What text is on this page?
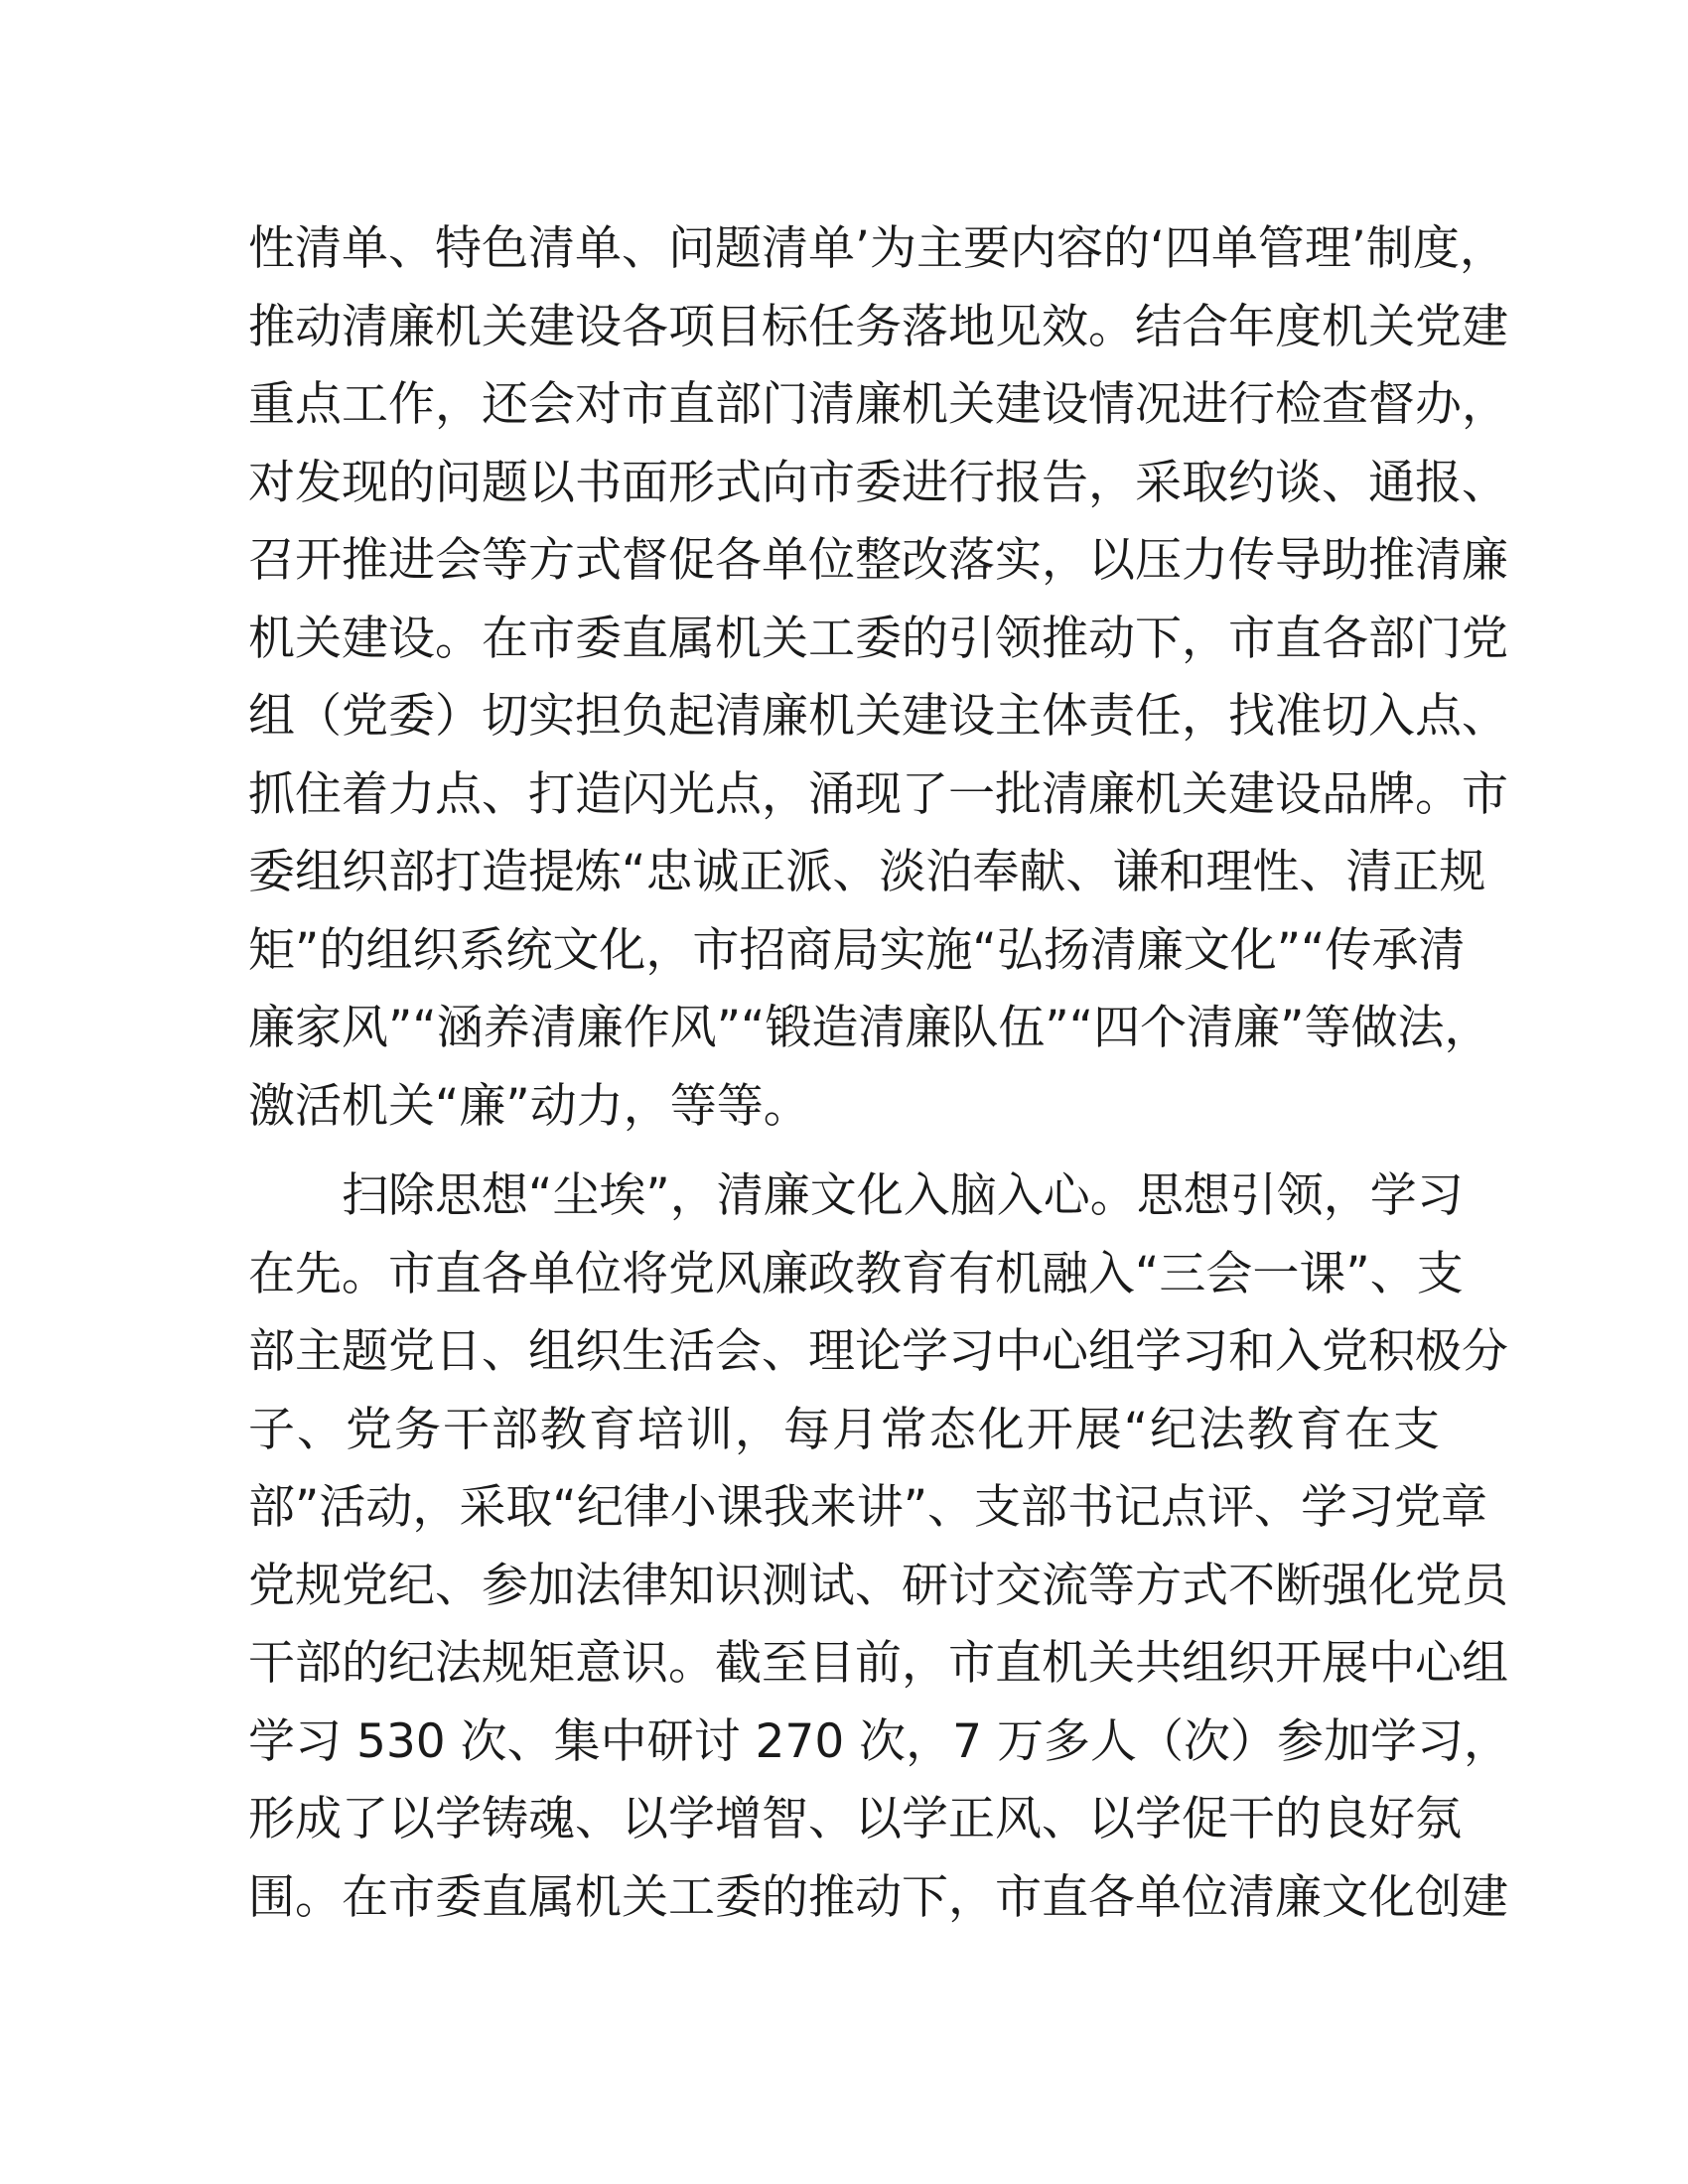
性清单、特色清单、问题清单’为主要内容的‘四单管理’制度，
推动清廉机关建设各项目标任务落地见效。结合年度机关党建
重点工作，还会对市直部门清廉机关建设情况进行检查督办，
对发现的问题以书面形式向市委进行报告，采取约谈、通报、
召开推进会等方式督促各单位整改落实，以压力传导助推清廉
机关建设。在市委直属机关工委的引领推动下，市直各部门党
组（党委）切实担负起清廉机关建设主体责任，找准切入点、
抓住着力点、打造闪光点，涌现了一批清廉机关建设品牌。市
委组织部打造提炼“忠诚正派、淡泊奉献、谦和理性、清正规
矩”的组织系统文化，市招商局实施“弘扬清廉文化”“传承清
廉家风”“涵养清廉作风”“锻造清廉队伍”“四个清廉”等做法，
激活机关“廉”动力，等等。
扫除思想“尘埃”，清廉文化入脑入心。思想引领，学习
在先。市直各单位将党风廉政教育有机融入“三会一课”、支
部主题党日、组织生活会、理论学习中心组学习和入党积极分
子、党务干部教育培训，每月常态化开展“纪法教育在支
部”活动，采取“纪律小课我来讲”、支部书记点评、学习党章
党规党纪、参加法律知识测试、研讨交流等方式不断强化党员
干部的纪法规矩意识。截至目前，市直机关共组织开展中心组
学习 530 次、集中研讨 270 次，7 万多人（次）参加学习，
形成了以学铸魂、以学增智、以学正风、以学促干的良好氛
围。在市委直属机关工委的推动下，市直各单位清廉文化创建
